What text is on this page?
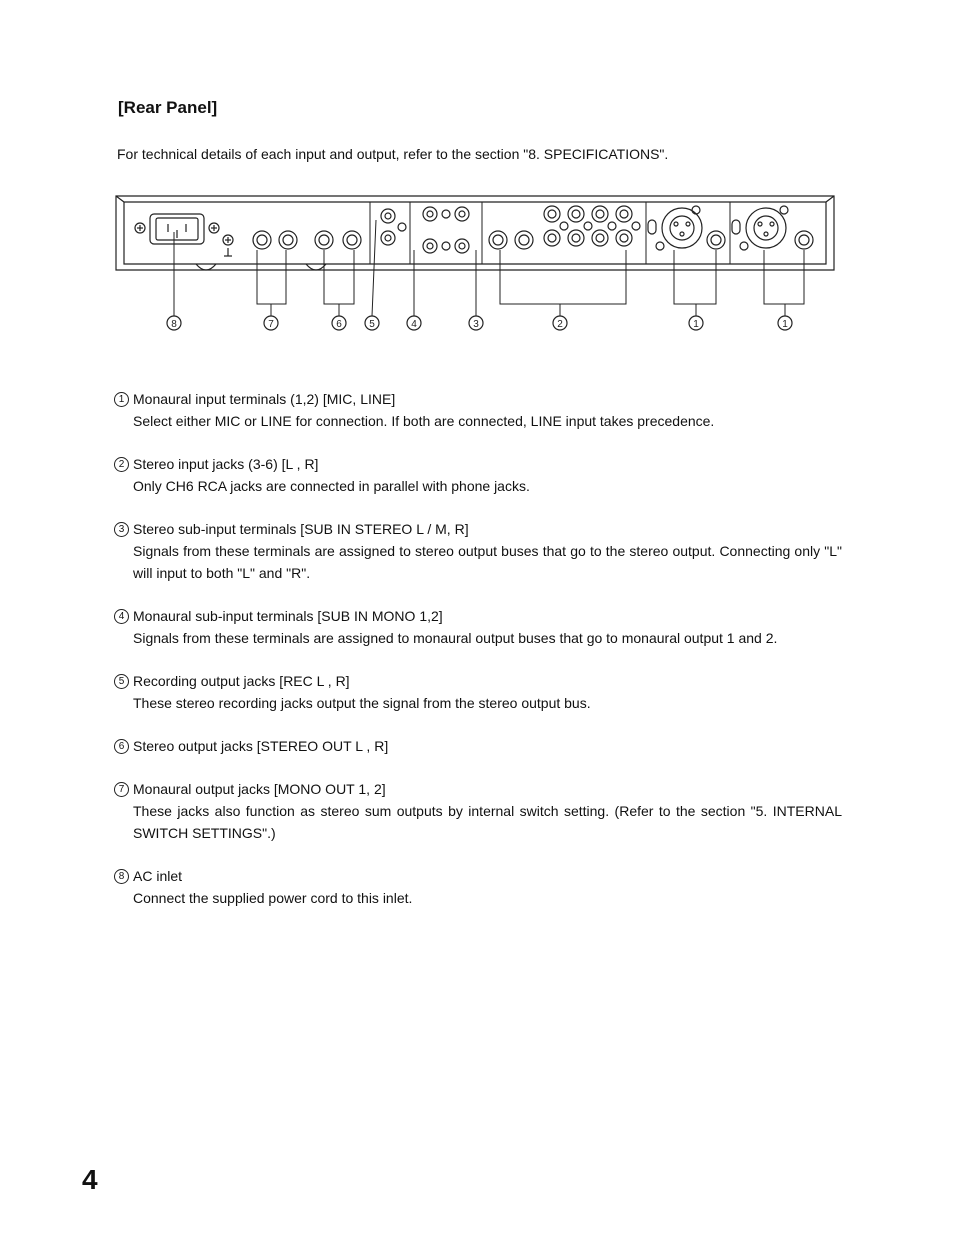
[Rear Panel]

For technical details of each input and output, refer to the section "8. SPECIFICATIONS".

8	7	6	5	4	3	2	1	1
1 Monaural input terminals (1,2) [MIC, LINE]
Select either MIC or LINE for connection. If both are connected, LINE input takes precedence.
2 Stereo input jacks (3-6) [L , R]
Only CH6 RCA jacks are connected in parallel with phone jacks.
3 Stereo sub-input terminals [SUB IN STEREO L / M, R]
Signals from these terminals are assigned to stereo output buses that go to the stereo output. Connecting only "L" will input to both "L" and "R".
4 Monaural sub-input terminals [SUB IN MONO 1,2]
Signals from these terminals are assigned to monaural output buses that go to monaural output 1 and 2.
5 Recording output jacks [REC L , R]
These stereo recording jacks output the signal from the stereo output bus.
6 Stereo output jacks [STEREO OUT L , R]
7 Monaural output jacks [MONO OUT 1, 2]
These jacks also function as stereo sum outputs by internal switch setting. (Refer to the section "5. INTERNAL SWITCH SETTINGS".)
8 AC inlet
Connect the supplied power cord to this inlet.

4
